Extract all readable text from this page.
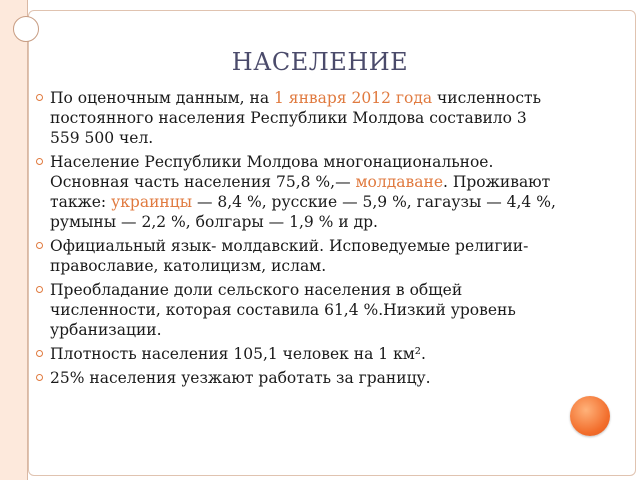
НАСЕЛЕНИЕ
По оценочным данным, на 1 января 2012 года численность постоянного населения Республики Молдова составило 3 559 500 чел.
Население Республики Молдова многонациональное. Основная часть населения 75,8 %,— молдаване. Проживают также: украинцы — 8,4 %, русские — 5,9 %, гагаузы — 4,4 %, румыны — 2,2 %, болгары — 1,9 % и др.
Официальный язык- молдавский. Исповедуемые религии- православие, католицизм, ислам.
Преобладание доли сельского населения в общей численности, которая составила 61,4 %.Низкий уровень урбанизации.
Плотность населения 105,1 человек на 1 км².
25% населения уезжают работать за границу.
